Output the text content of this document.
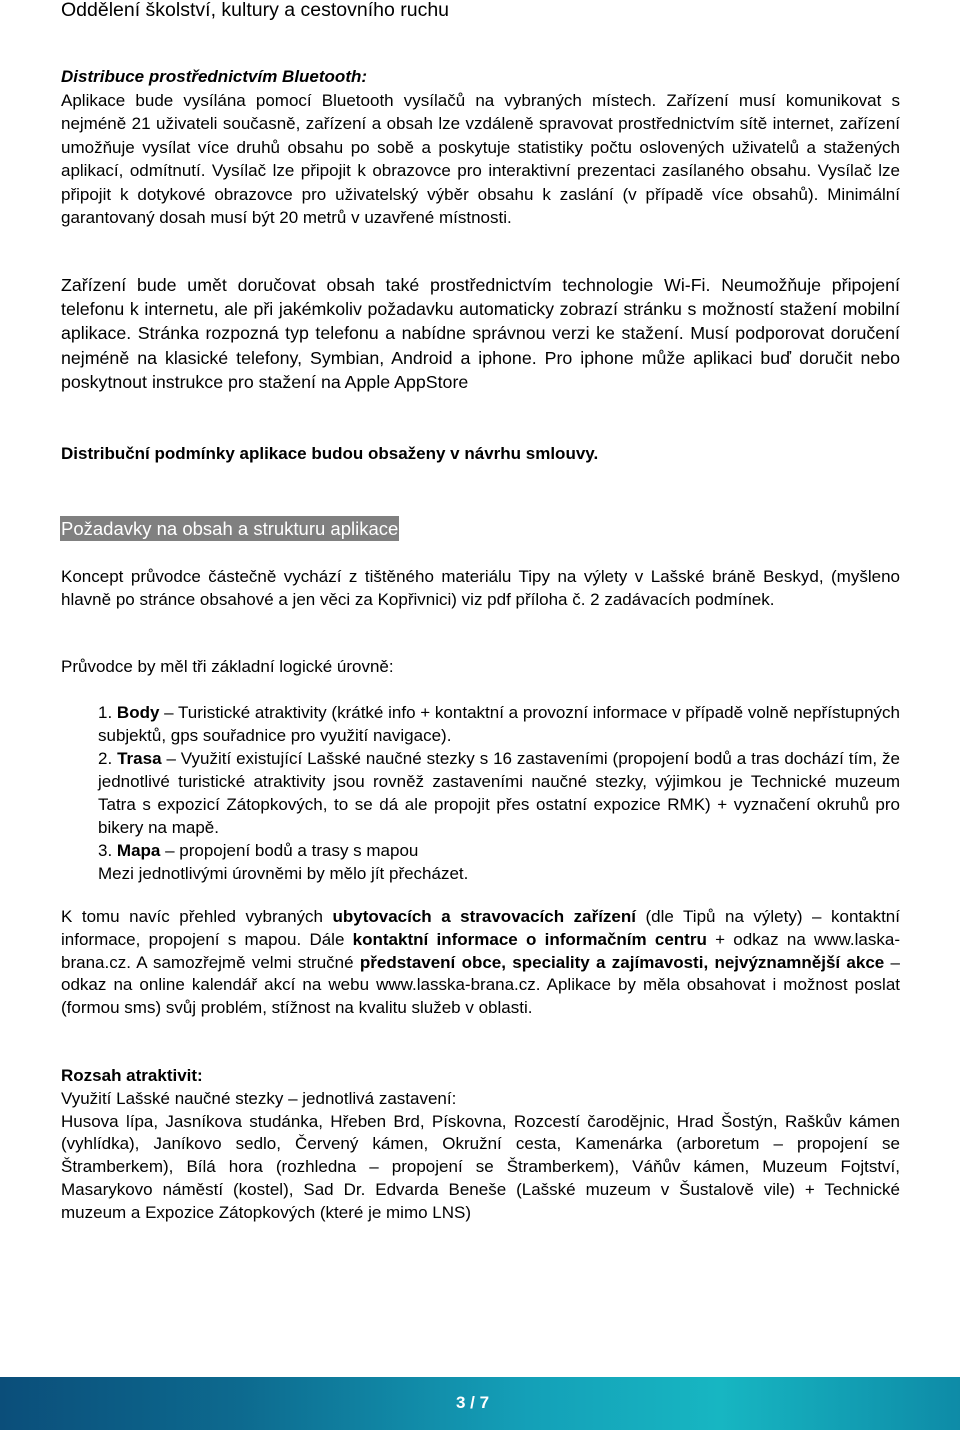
Oddělení školství, kultury a cestovního ruchu
Distribuce prostřednictvím Bluetooth:
Aplikace bude vysílána pomocí Bluetooth vysílačů na vybraných místech. Zařízení musí komunikovat s nejméně 21 uživateli současně, zařízení a obsah lze vzdáleně spravovat prostřednictvím sítě internet, zařízení umožňuje vysílat více druhů obsahu po sobě a poskytuje statistiky počtu oslovených uživatelů a stažených aplikací, odmítnutí. Vysílač lze připojit k obrazovce pro interaktivní prezentaci zasílaného obsahu. Vysílač lze připojit k dotykové obrazovce pro uživatelský výběr obsahu k zaslání (v případě více obsahů). Minimální garantovaný dosah musí být 20 metrů v uzavřené místnosti.
Zařízení bude umět doručovat obsah také prostřednictvím technologie Wi-Fi. Neumožňuje připojení telefonu k internetu, ale při jakémkoliv požadavku automaticky zobrazí stránku s možností stažení mobilní aplikace. Stránka rozpozná typ telefonu a nabídne správnou verzi ke stažení. Musí podporovat doručení nejméně na klasické telefony, Symbian, Android a iphone. Pro iphone může aplikaci buď doručit nebo poskytnout instrukce pro stažení na Apple AppStore
Distribuční podmínky aplikace budou obsaženy v návrhu smlouvy.
Požadavky na obsah a strukturu aplikace
Koncept průvodce částečně vychází z tištěného materiálu Tipy na výlety v Lašské bráně Beskyd, (myšleno hlavně po stránce obsahové a jen věci za Kopřivnici) viz pdf příloha č. 2 zadávacích podmínek.
Průvodce by měl tři základní logické úrovně:

1. Body – Turistické atraktivity (krátké info + kontaktní a provozní informace v případě volně nepřístupných subjektů, gps souřadnice pro využití navigace).

2. Trasa – Využití existující Lašské naučné stezky s 16 zastaveními (propojení bodů a tras dochází tím, že jednotlivé turistické atraktivity jsou rovněž zastaveními naučné stezky, výjimkou je Technické muzeum Tatra s expozicí Zátopkových, to se dá ale propojit přes ostatní expozice RMK) + vyznačení okruhů pro bikery na mapě.

3. Mapa – propojení bodů a trasy s mapou

Mezi jednotlivými úrovněmi by mělo jít přecházet.

K tomu navíc přehled vybraných ubytovacích a stravovacích zařízení (dle Tipů na výlety) – kontaktní informace, propojení s mapou. Dále kontaktní informace o informačním centru + odkaz na www.laska-brana.cz. A samozřejmě velmi stručné představení obce, speciality a zajímavosti, nejvýznamnější akce – odkaz na online kalendář akcí na webu www.lasska-brana.cz. Aplikace by měla obsahovat i možnost poslat (formou sms) svůj problém, stížnost na kvalitu služeb v oblasti.

Rozsah atraktivit:

Využití Lašské naučné stezky – jednotlivá zastavení:

Husova lípa, Jasníkova studánka, Hřeben Brd, Pískovna, Rozcestí čarodějnic, Hrad Šostýn, Raškův kámen (vyhlídka), Janíkovo sedlo, Červený kámen, Okružní cesta, Kamenárka (arboretum – propojení se Štramberkem), Bílá hora (rozhledna – propojení se Štramberkem), Váňův kámen, Muzeum Fojtství, Masarykovo náměstí (kostel), Sad Dr. Edvarda Beneše (Lašské muzeum v Šustalově vile) + Technické muzeum a Expozice Zátopkových (které je mimo LNS)

3 / 7
